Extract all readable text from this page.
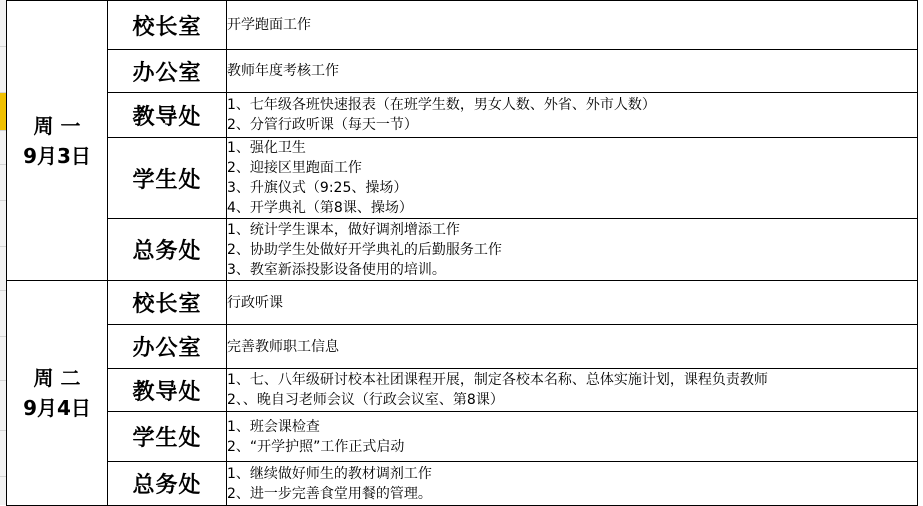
周 一
9月3日	校长室	开学跑面工作

	办公室	教师年度考核工作

	教导处	1、七年级各班快速报表（在班学生数，男女人数、外省、外市人数）
2、分管行政听课（每天一节）

	学生处	1、强化卫生
2、迎接区里跑面工作
3、升旗仪式（9:25、操场）
4、开学典礼（第8课、操场）

	总务处	1、统计学生课本，做好调剂增添工作
2、协助学生处做好开学典礼的后勤服务工作
3、教室新添投影设备使用的培训。

周 二
9月4日	校长室	行政听课

	办公室	完善教师职工信息

	教导处	1、七、八年级研讨校本社团课程开展，制定各校本名称、总体实施计划，课程负责教师
2、、晚自习老师会议（行政会议室、第8课）

	学生处	1、班会课检查
2、“开学护照”工作正式启动

	总务处	1、继续做好师生的教材调剂工作
2、进一步完善食堂用餐的管理。
